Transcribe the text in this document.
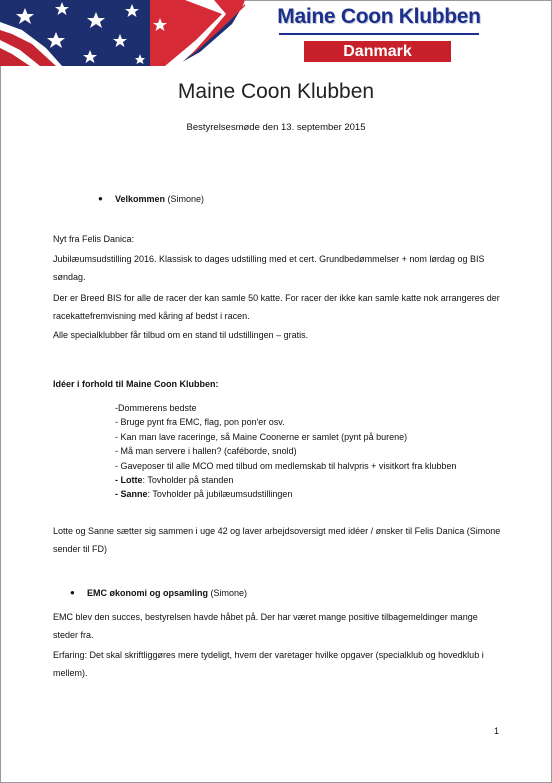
Maine Coon Klubben
Danmark
Maine Coon Klubben
Bestyrelsesmøde den 13. september 2015
● Velkommen (Simone)
Nyt fra Felis Danica:
Jubilæumsudstilling 2016. Klassisk to dages udstilling med et cert. Grundbedømmelser + nom lørdag og BIS søndag.
Der er Breed BIS for alle de racer der kan samle 50 katte. For racer der ikke kan samle katte nok arrangeres der racekattefremvisning med kåring af bedst i racen.
Alle specialklubber får tilbud om en stand til udstillingen – gratis.
Idéer i forhold til Maine Coon Klubben:
-Dommerens bedste
- Bruge pynt fra EMC, flag, pon pon'er osv.
- Kan man lave raceringe, så Maine Coonerne er samlet (pynt på burene)
- Må man servere i hallen? (caféborde, snold)
- Gaveposer til alle MCO med tilbud om medlemskab til halvpris + visitkort fra klubben
- Lotte: Tovholder på standen
- Sanne: Tovholder på jubilæumsudstillingen
Lotte og Sanne sætter sig sammen i uge 42 og laver arbejdsoversigt med idéer / ønsker til Felis Danica (Simone sender til FD)
● EMC økonomi og opsamling (Simone)
EMC blev den succes, bestyrelsen havde håbet på. Der har været mange positive tilbagemeldinger mange steder fra.
Erfaring: Det skal skriftliggøres mere tydeligt, hvem der varetager hvilke opgaver (specialklub og hovedklub i mellem).
1
